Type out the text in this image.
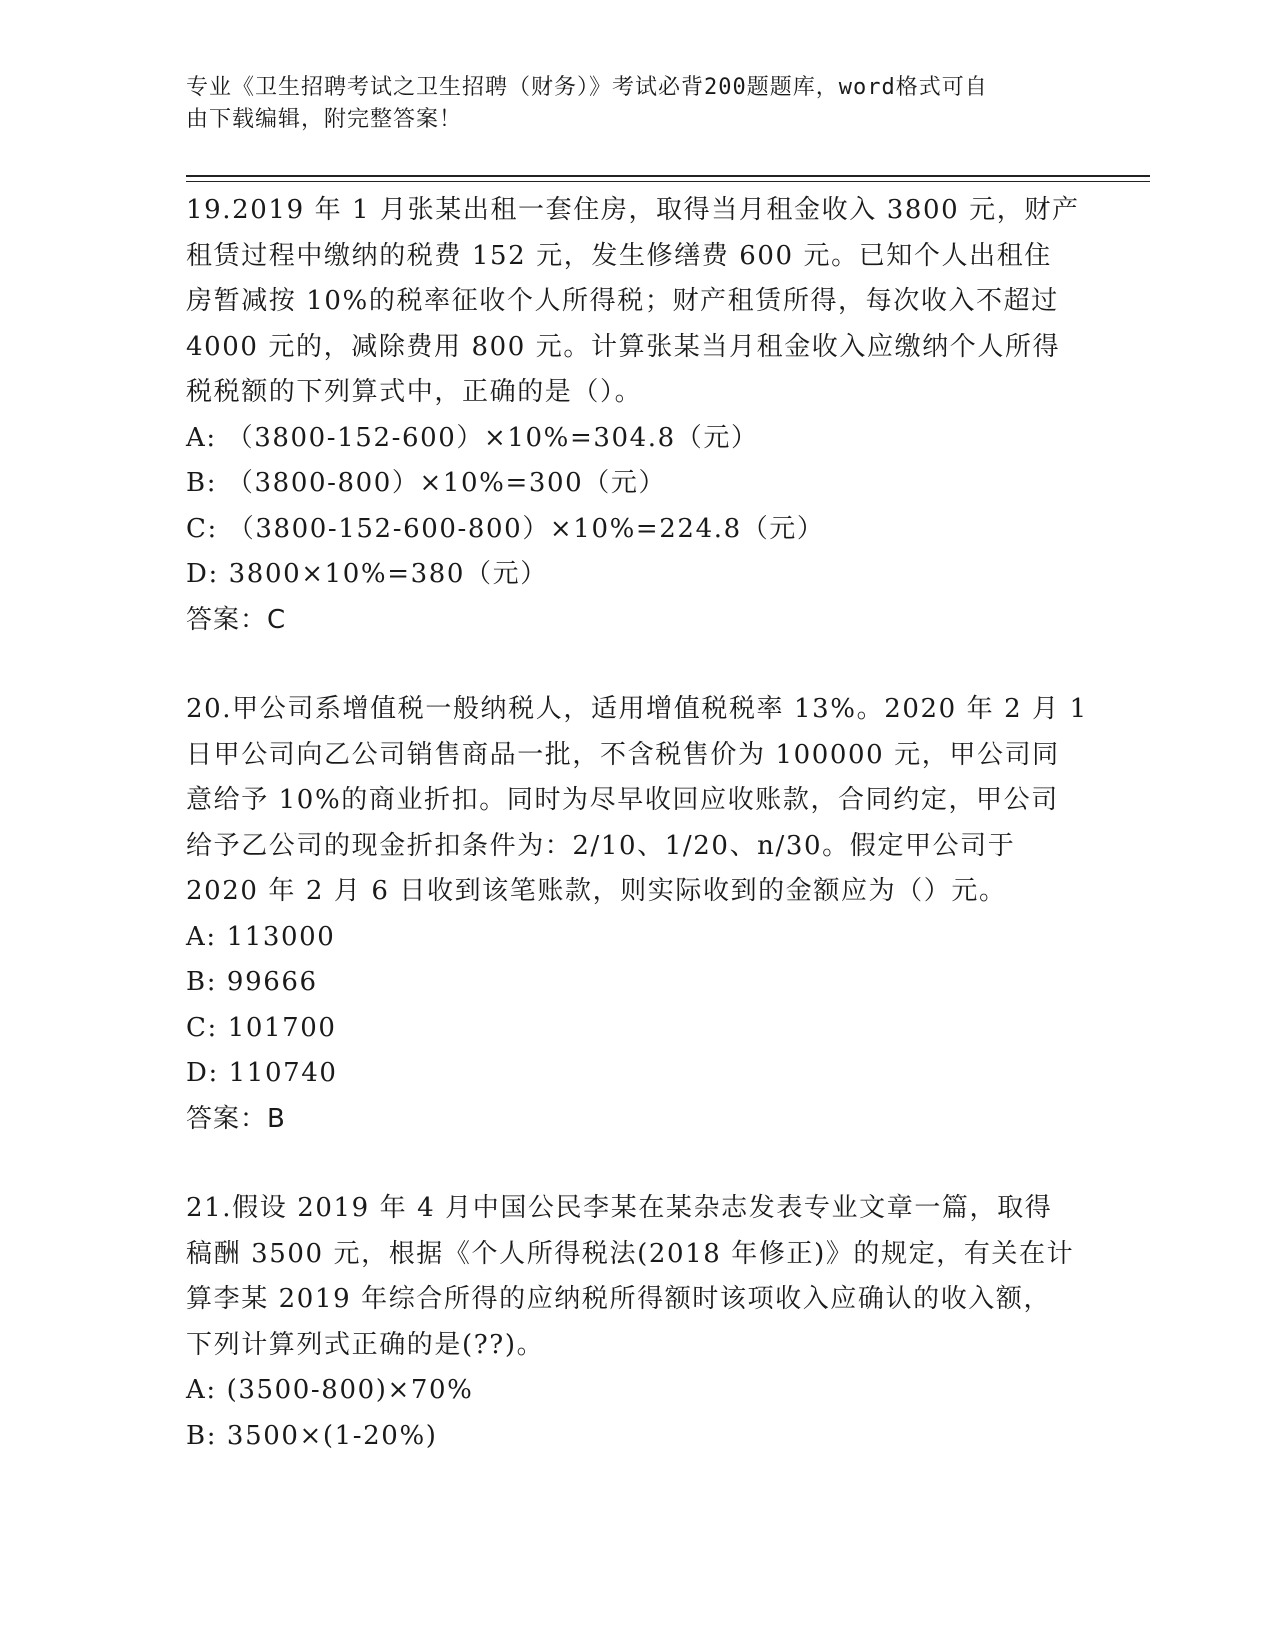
专业《卫生招聘考试之卫生招聘（财务）》考试必背200题题库，word格式可自
由下载编辑，附完整答案！
19.2019 年 1 月张某出租一套住房，取得当月租金收入 3800 元，财产
租赁过程中缴纳的税费 152 元，发生修缮费 600 元。已知个人出租住
房暂减按 10%的税率征收个人所得税；财产租赁所得，每次收入不超过
4000 元的，减除费用 800 元。计算张某当月租金收入应缴纳个人所得
税税额的下列算式中，正确的是（）。
A: （3800-152-600）×10%=304.8（元）
B: （3800-800）×10%=300（元）
C: （3800-152-600-800）×10%=224.8（元）
D: 3800×10%=380（元）
答案：C
20.甲公司系增值税一般纳税人，适用增值税税率 13%。2020 年 2 月 1
日甲公司向乙公司销售商品一批，不含税售价为 100000 元，甲公司同
意给予 10%的商业折扣。同时为尽早收回应收账款，合同约定，甲公司
给予乙公司的现金折扣条件为：2/10、1/20、n/30。假定甲公司于
2020 年 2 月 6 日收到该笔账款，则实际收到的金额应为（）元。
A: 113000
B: 99666
C: 101700
D: 110740
答案：B
21.假设 2019 年 4 月中国公民李某在某杂志发表专业文章一篇，取得
稿酬 3500 元，根据《个人所得税法(2018 年修正)》的规定，有关在计
算李某 2019 年综合所得的应纳税所得额时该项收入应确认的收入额，
下列计算列式正确的是(??)。
A: (3500-800)×70%
B: 3500×(1-20%)
